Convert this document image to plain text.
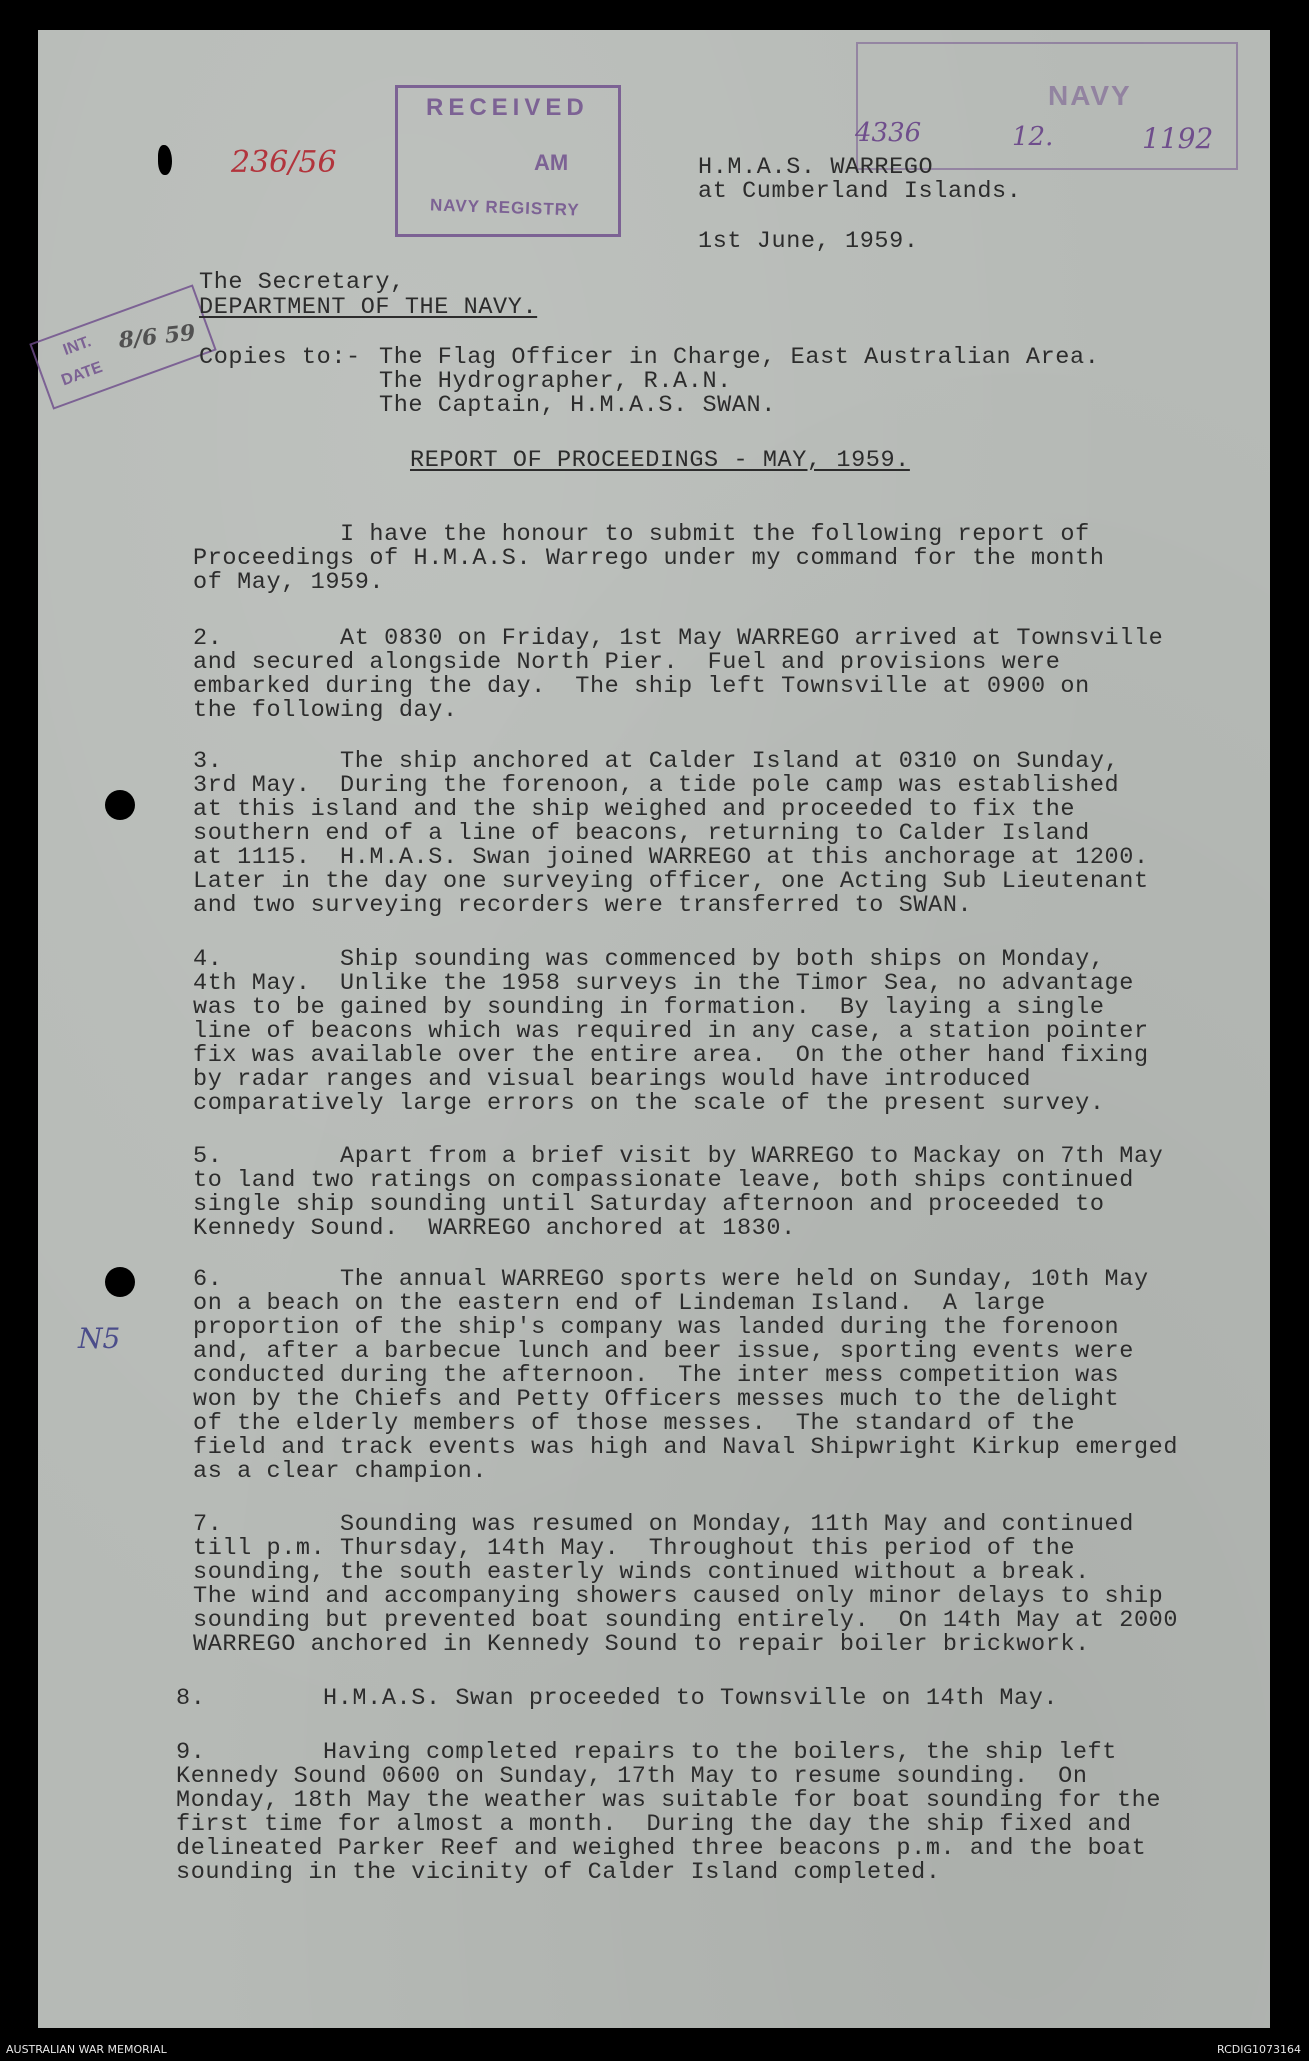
RECEIVED
AM
NAVY REGISTRY
NAVY
INT.
DATE
8/6 59
236/56
4336	12.	1192
N5
H.M.A.S. WARREGO
at Cumberland Islands.
1st June, 1959.
The Secretary,
DEPARTMENT OF THE NAVY.
Copies to:- The Flag Officer in Charge, East Australian Area.
The Hydrographer, R.A.N.
The Captain, H.M.A.S. SWAN.
REPORT OF PROCEEDINGS - MAY, 1959.
I have the honour to submit the following report of
Proceedings of H.M.A.S. Warrego under my command for the month
of May, 1959.
2.        At 0830 on Friday, 1st May WARREGO arrived at Townsville
and secured alongside North Pier.  Fuel and provisions were
embarked during the day.  The ship left Townsville at 0900 on
the following day.
3.        The ship anchored at Calder Island at 0310 on Sunday,
3rd May.  During the forenoon, a tide pole camp was established
at this island and the ship weighed and proceeded to fix the
southern end of a line of beacons, returning to Calder Island
at 1115.  H.M.A.S. Swan joined WARREGO at this anchorage at 1200.
Later in the day one surveying officer, one Acting Sub Lieutenant
and two surveying recorders were transferred to SWAN.
4.        Ship sounding was commenced by both ships on Monday,
4th May.  Unlike the 1958 surveys in the Timor Sea, no advantage
was to be gained by sounding in formation.  By laying a single
line of beacons which was required in any case, a station pointer
fix was available over the entire area.  On the other hand fixing
by radar ranges and visual bearings would have introduced
comparatively large errors on the scale of the present survey.
5.        Apart from a brief visit by WARREGO to Mackay on 7th May
to land two ratings on compassionate leave, both ships continued
single ship sounding until Saturday afternoon and proceeded to
Kennedy Sound.  WARREGO anchored at 1830.
6.        The annual WARREGO sports were held on Sunday, 10th May
on a beach on the eastern end of Lindeman Island.  A large
proportion of the ship's company was landed during the forenoon
and, after a barbecue lunch and beer issue, sporting events were
conducted during the afternoon.  The inter mess competition was
won by the Chiefs and Petty Officers messes much to the delight
of the elderly members of those messes.  The standard of the
field and track events was high and Naval Shipwright Kirkup emerged
as a clear champion.
7.        Sounding was resumed on Monday, 11th May and continued
till p.m. Thursday, 14th May.  Throughout this period of the
sounding, the south easterly winds continued without a break.
The wind and accompanying showers caused only minor delays to ship
sounding but prevented boat sounding entirely.  On 14th May at 2000
WARREGO anchored in Kennedy Sound to repair boiler brickwork.
8.        H.M.A.S. Swan proceeded to Townsville on 14th May.
9.        Having completed repairs to the boilers, the ship left
Kennedy Sound 0600 on Sunday, 17th May to resume sounding.  On
Monday, 18th May the weather was suitable for boat sounding for the
first time for almost a month.  During the day the ship fixed and
delineated Parker Reef and weighed three beacons p.m. and the boat
sounding in the vicinity of Calder Island completed.
AUSTRALIAN WAR MEMORIAL	RCDIG1073164
